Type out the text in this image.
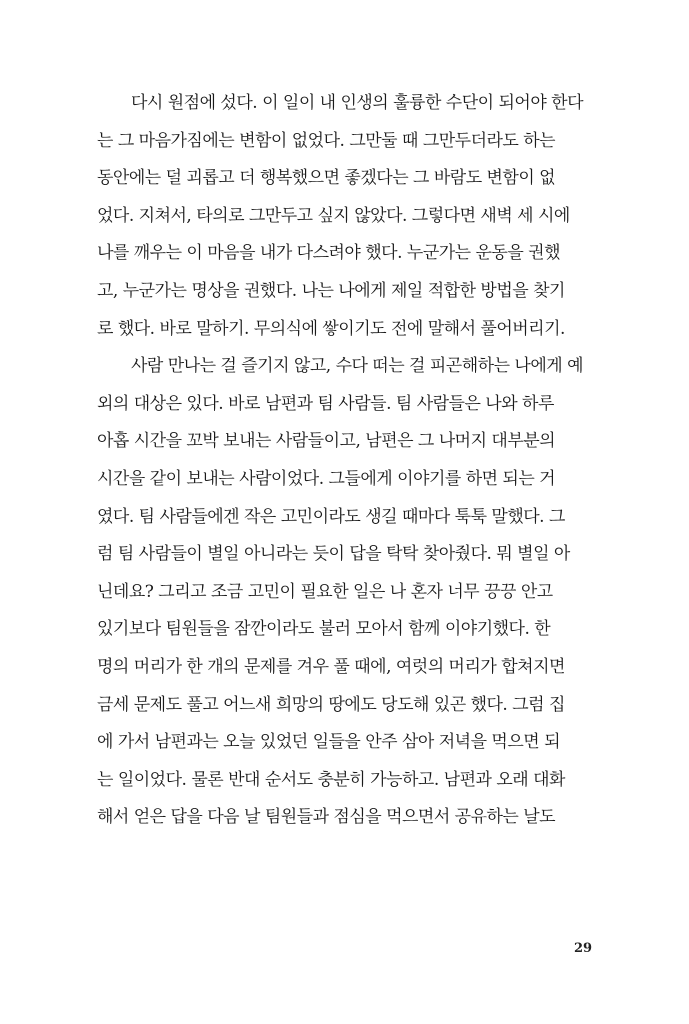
다시 원점에 섰다. 이 일이 내 인생의 훌륭한 수단이 되어야 한다
는 그 마음가짐에는 변함이 없었다. 그만둘 때 그만두더라도 하는
동안에는 덜 괴롭고 더 행복했으면 좋겠다는 그 바람도 변함이 없
었다. 지쳐서, 타의로 그만두고 싶지 않았다. 그렇다면 새벽 세 시에
나를 깨우는 이 마음을 내가 다스려야 했다. 누군가는 운동을 권했
고, 누군가는 명상을 권했다. 나는 나에게 제일 적합한 방법을 찾기
로 했다. 바로 말하기. 무의식에 쌓이기도 전에 말해서 풀어버리기.
사람 만나는 걸 즐기지 않고, 수다 떠는 걸 피곤해하는 나에게 예
외의 대상은 있다. 바로 남편과 팀 사람들. 팀 사람들은 나와 하루
아홉 시간을 꼬박 보내는 사람들이고, 남편은 그 나머지 대부분의
시간을 같이 보내는 사람이었다. 그들에게 이야기를 하면 되는 거
였다. 팀 사람들에겐 작은 고민이라도 생길 때마다 툭툭 말했다. 그
럼 팀 사람들이 별일 아니라는 듯이 답을 탁탁 찾아줬다. 뭐 별일 아
닌데요? 그리고 조금 고민이 필요한 일은 나 혼자 너무 끙끙 안고
있기보다 팀원들을 잠깐이라도 불러 모아서 함께 이야기했다. 한
명의 머리가 한 개의 문제를 겨우 풀 때에, 여럿의 머리가 합쳐지면
금세 문제도 풀고 어느새 희망의 땅에도 당도해 있곤 했다. 그럼 집
에 가서 남편과는 오늘 있었던 일들을 안주 삼아 저녁을 먹으면 되
는 일이었다. 물론 반대 순서도 충분히 가능하고. 남편과 오래 대화
해서 얻은 답을 다음 날 팀원들과 점심을 먹으면서 공유하는 날도
29
